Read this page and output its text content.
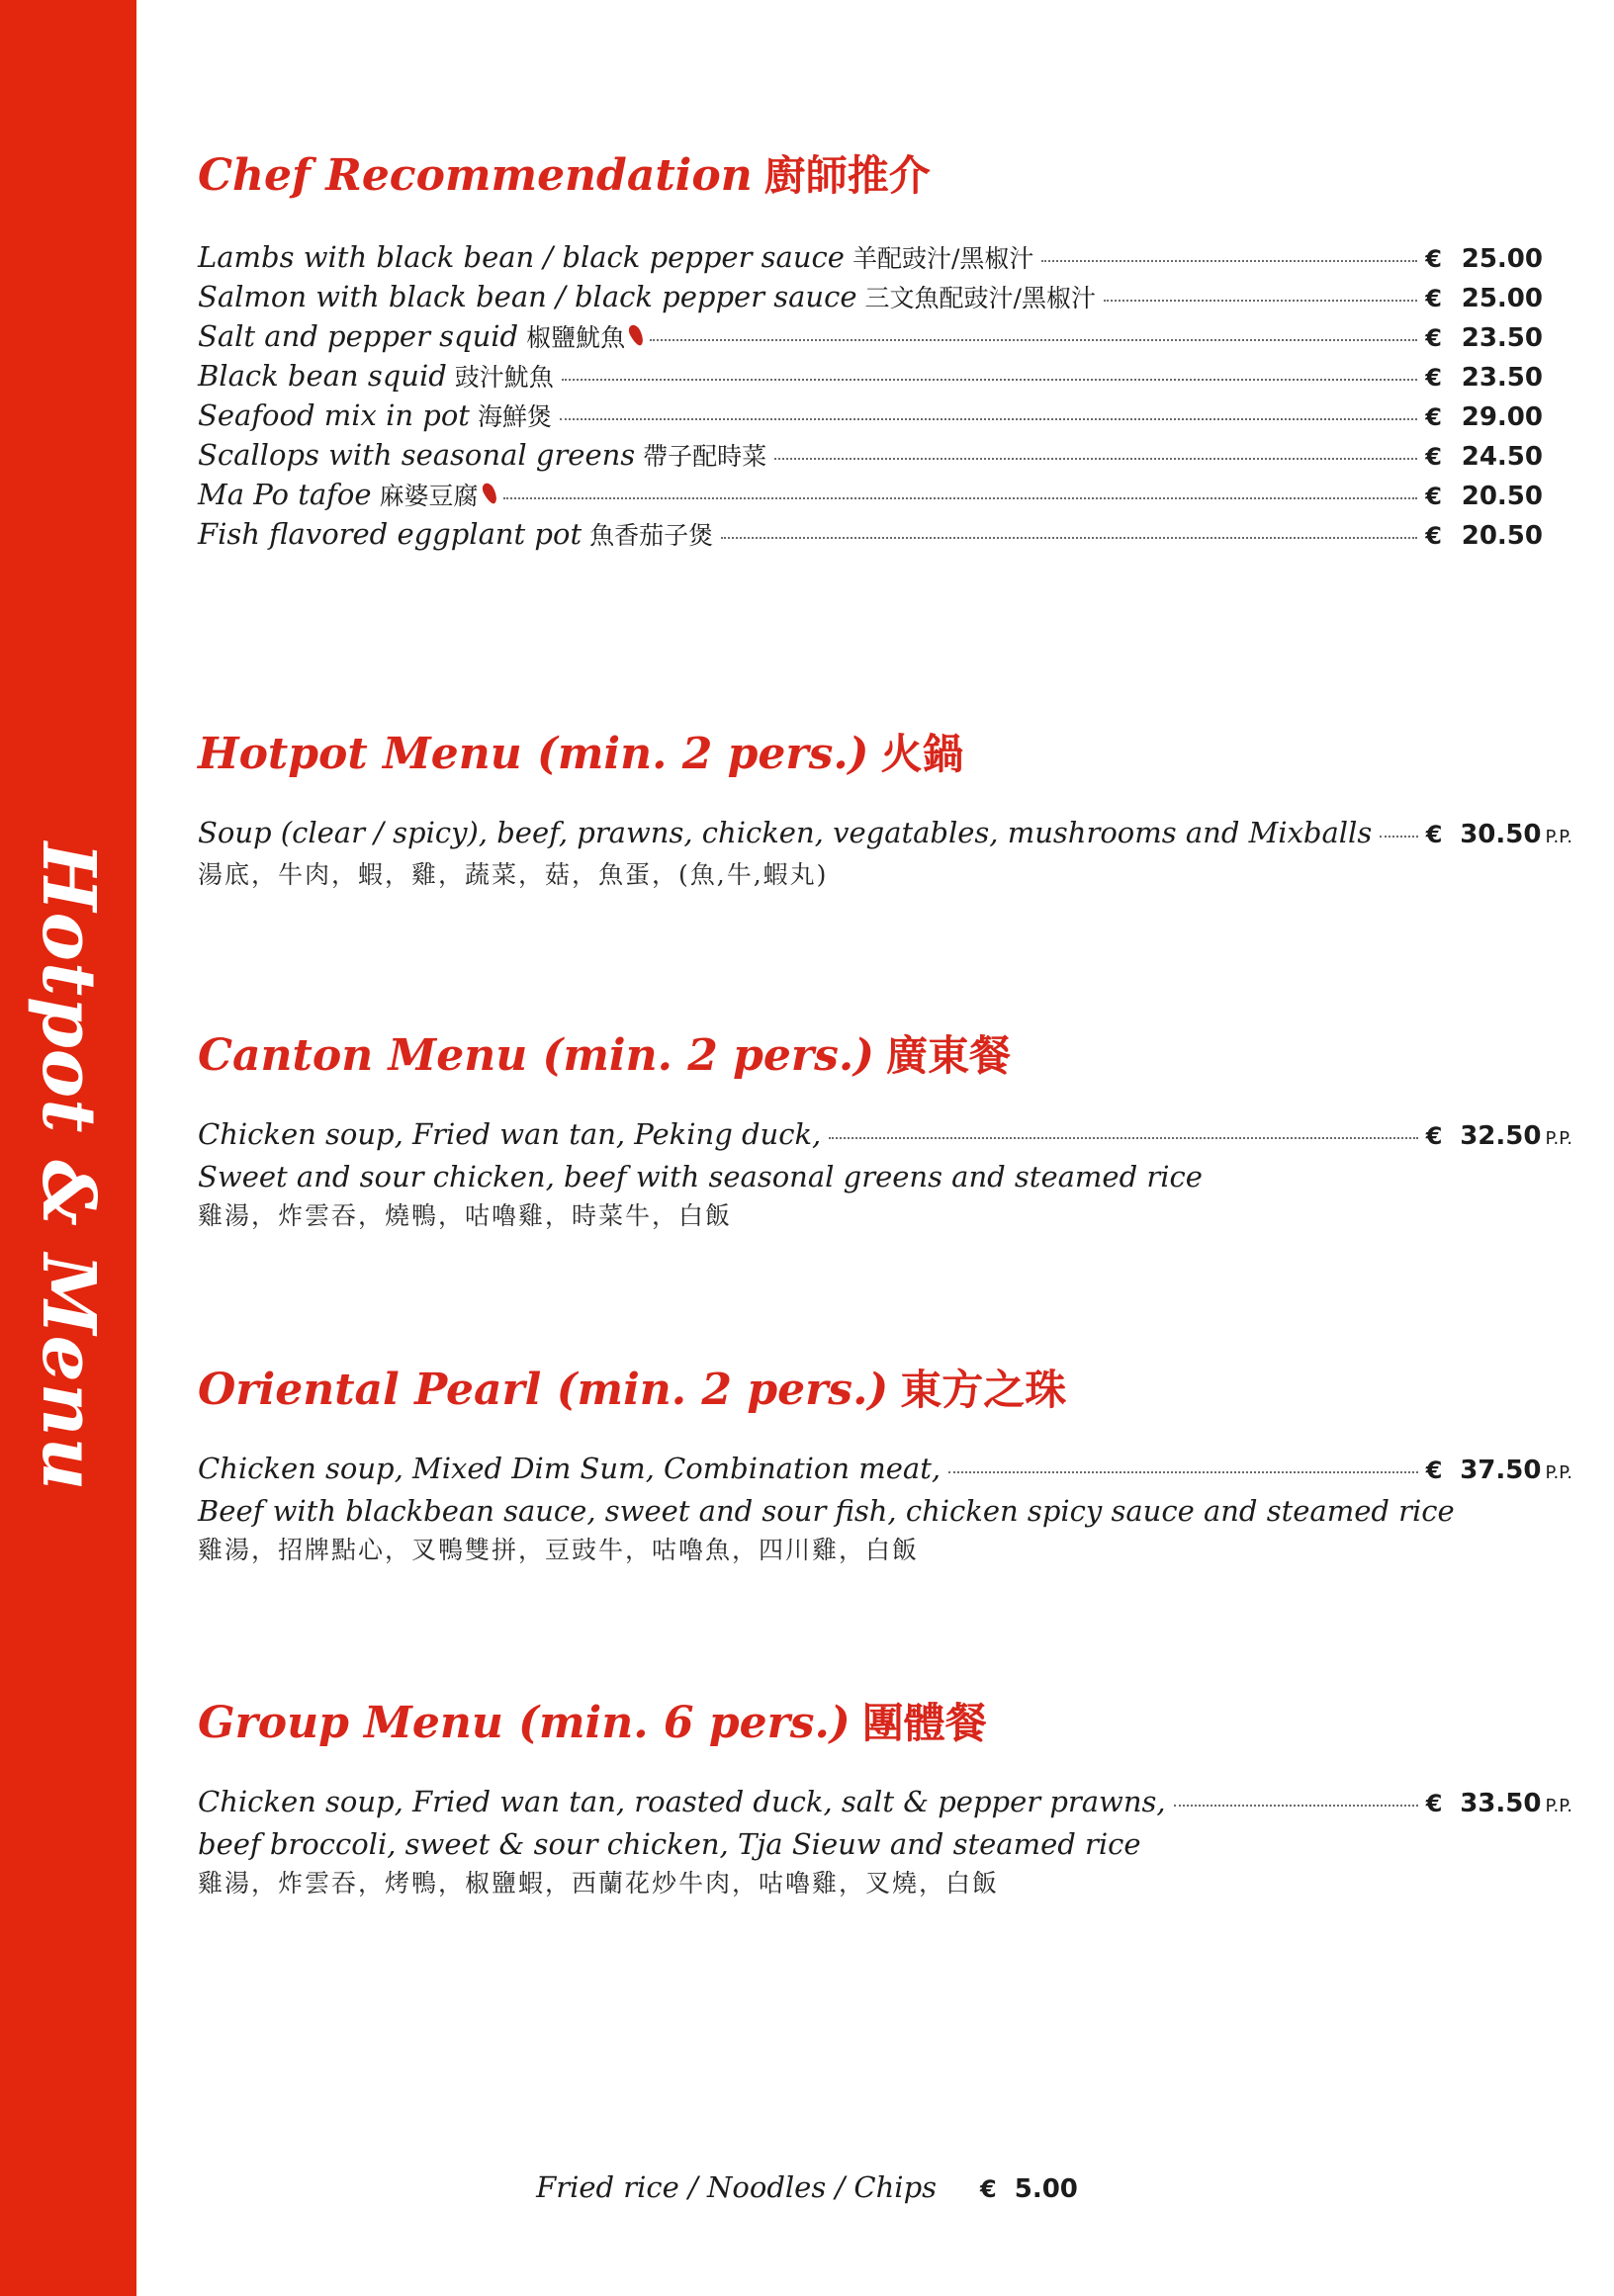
Hotpot & Menu
Chef Recommendation 廚師推介
Lambs with black bean / black pepper sauce 羊配豉汁/黑椒汁	€ 25.00
Salmon with black bean / black pepper sauce 三文魚配豉汁/黑椒汁	€ 25.00
Salt and pepper squid 椒鹽魷魚	€ 23.50
Black bean squid 豉汁魷魚	€ 23.50
Seafood mix in pot 海鮮煲	€ 29.00
Scallops with seasonal greens 帶子配時菜	€ 24.50
Ma Po tafoe 麻婆豆腐	€ 20.50
Fish flavored eggplant pot 魚香茄子煲	€ 20.50
Hotpot Menu (min. 2 pers.) 火鍋
Soup (clear / spicy), beef, prawns, chicken, vegatables, mushrooms and Mixballs € 30.50 P.P.
湯底，牛肉，蝦，雞，蔬菜，菇，魚蛋，(魚,牛,蝦丸)
Canton Menu (min. 2 pers.) 廣東餐
Chicken soup, Fried wan tan, Peking duck,	€ 32.50 P.P.
Sweet and sour chicken, beef with seasonal greens and steamed rice
雞湯，炸雲吞，燒鴨，咕嚕雞，時菜牛，白飯
Oriental Pearl (min. 2 pers.) 東方之珠
Chicken soup, Mixed Dim Sum, Combination meat,	€ 37.50 P.P.
Beef with blackbean sauce, sweet and sour fish, chicken spicy sauce and steamed rice
雞湯，招牌點心，叉鴨雙拼，豆豉牛，咕嚕魚，四川雞，白飯
Group Menu (min. 6 pers.) 團體餐
Chicken soup, Fried wan tan, roasted duck, salt & pepper prawns,	€ 33.50 P.P.
beef broccoli, sweet & sour chicken, Tja Sieuw and steamed rice
雞湯，炸雲吞，烤鴨，椒鹽蝦，西蘭花炒牛肉，咕嚕雞，叉燒，白飯
Fried rice / Noodles / Chips € 5.00
